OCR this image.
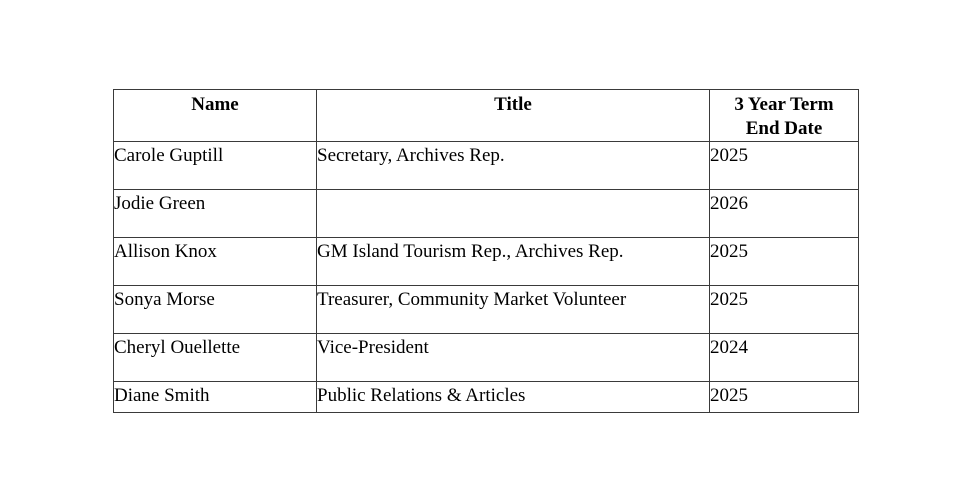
Name	Title	3 Year Term
End Date
Carole Guptill	Secretary, Archives Rep.	2025
Jodie Green		2026
Allison Knox	GM Island Tourism Rep., Archives Rep.	2025
Sonya Morse	Treasurer, Community Market Volunteer	2025
Cheryl Ouellette	Vice-President	2024
Diane Smith	Public Relations & Articles	2025
